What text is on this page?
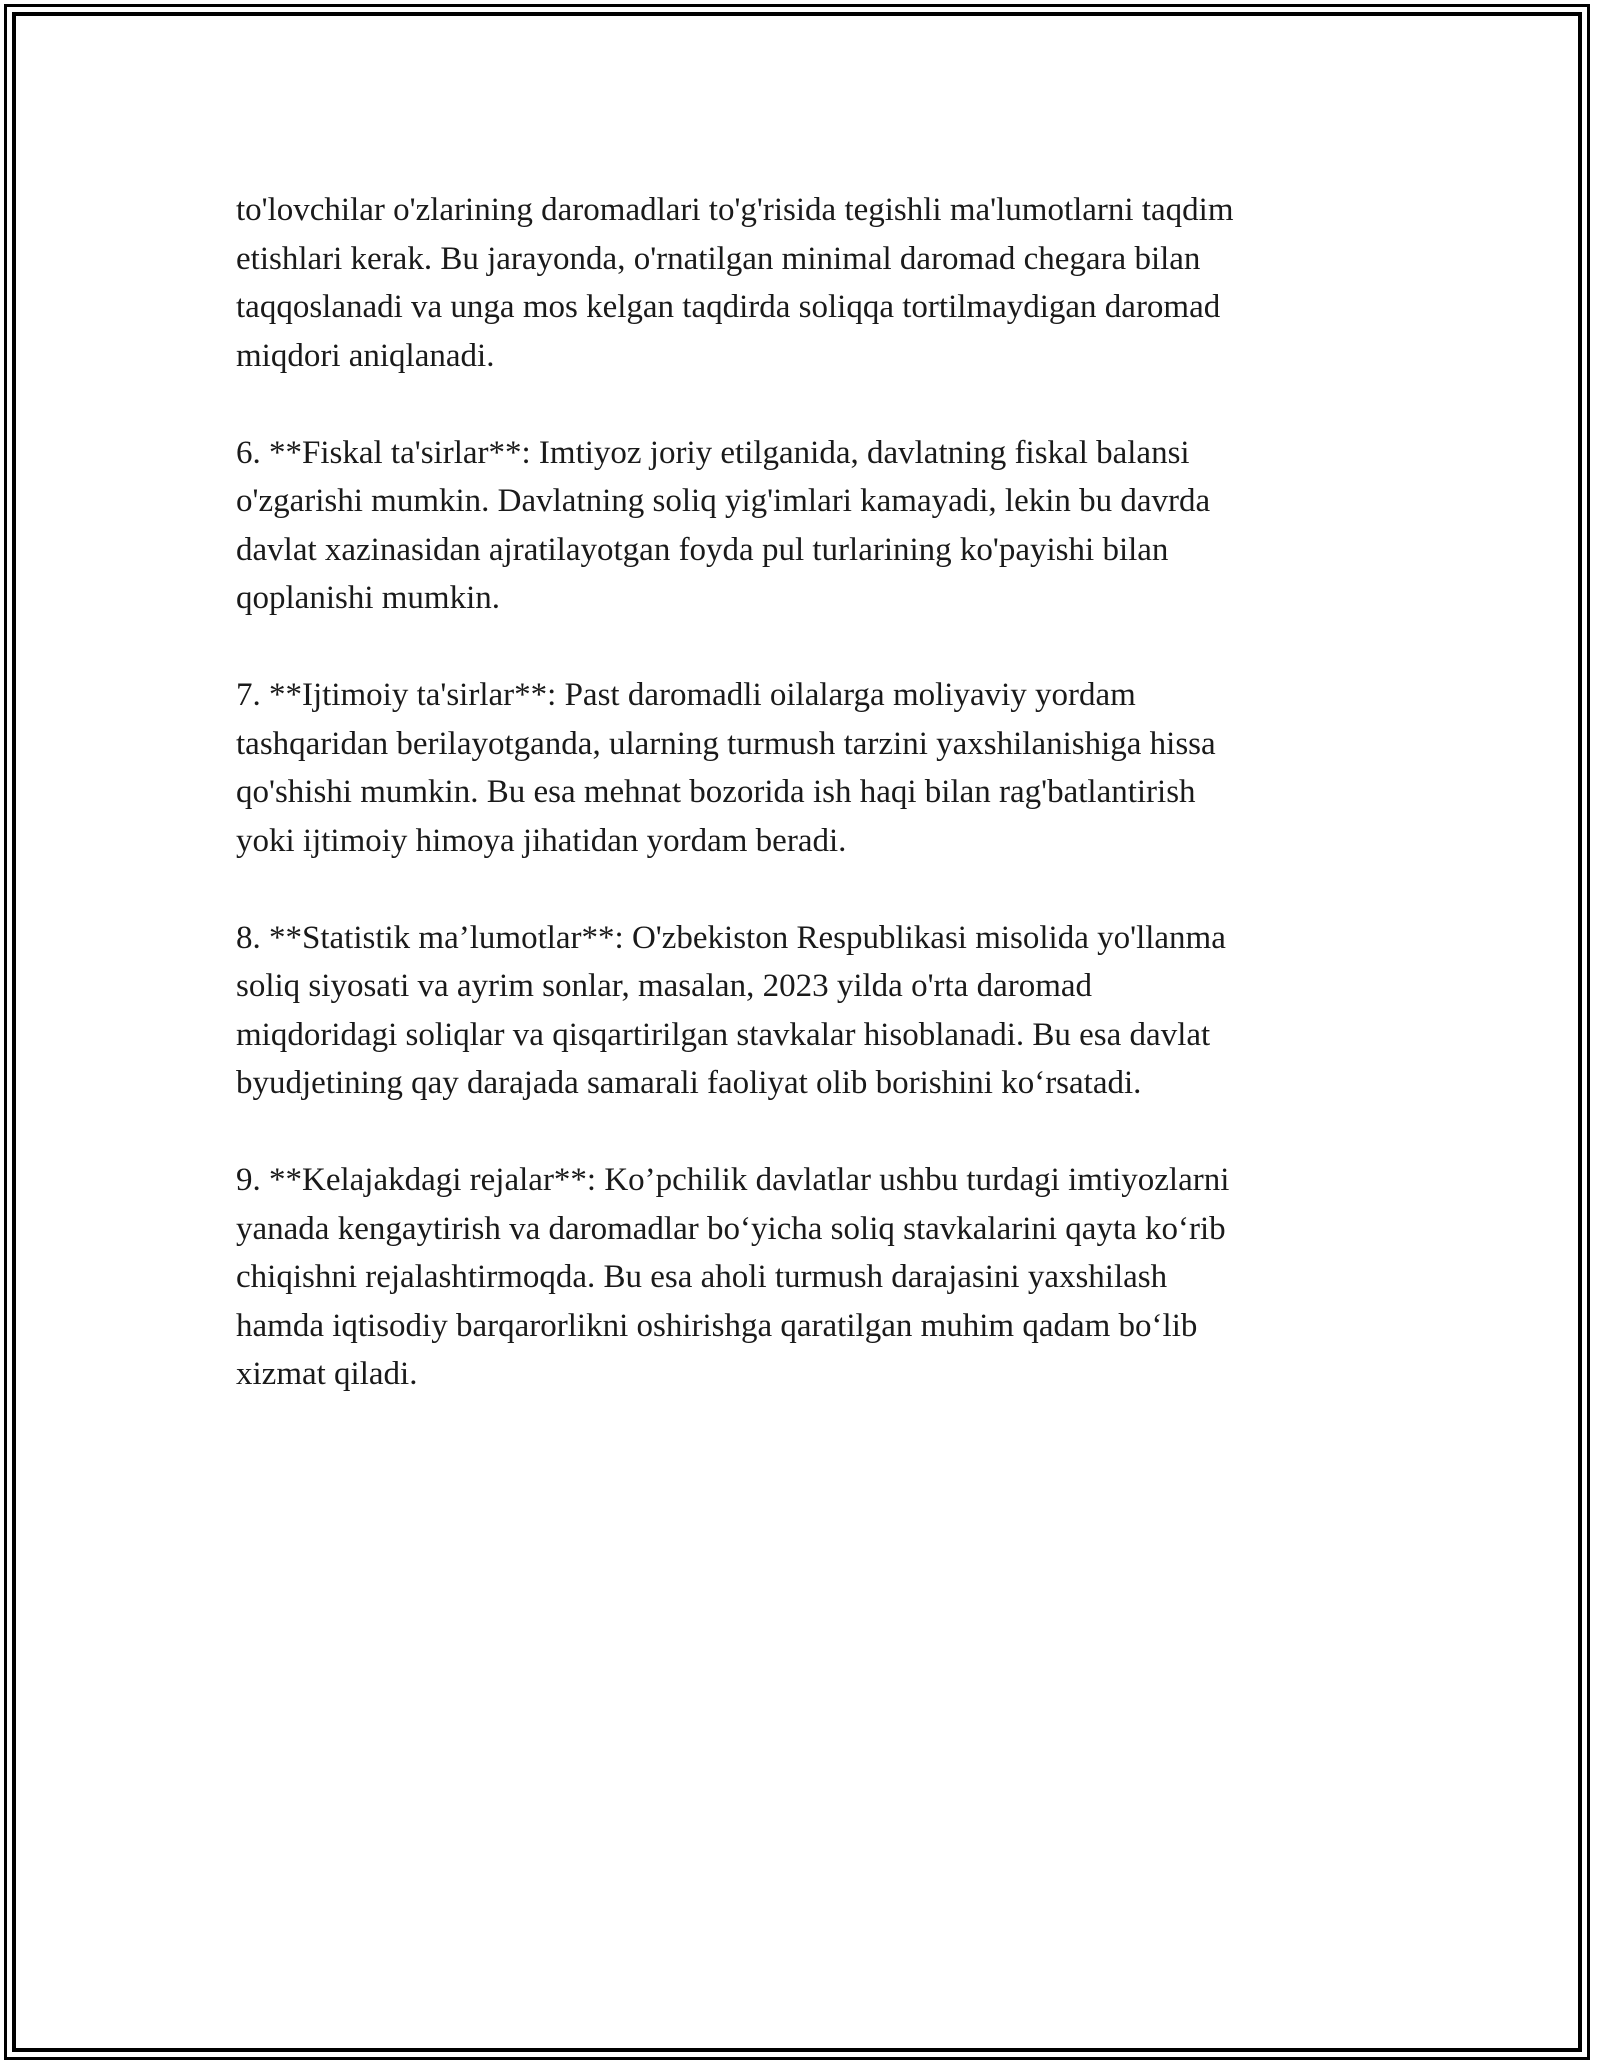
to'lovchilar o'zlarining daromadlari to'g'risida tegishli ma'lumotlarni taqdim
etishlari kerak. Bu jarayonda, o'rnatilgan minimal daromad chegara bilan
taqqoslanadi va unga mos kelgan taqdirda soliqqa tortilmaydigan daromad
miqdori aniqlanadi.

6. **Fiskal ta'sirlar**: Imtiyoz joriy etilganida, davlatning fiskal balansi
o'zgarishi mumkin. Davlatning soliq yig'imlari kamayadi, lekin bu davrda
davlat xazinasidan ajratilayotgan foyda pul turlarining ko'payishi bilan
qoplanishi mumkin.

7. **Ijtimoiy ta'sirlar**: Past daromadli oilalarga moliyaviy yordam
tashqaridan berilayotganda, ularning turmush tarzini yaxshilanishiga hissa
qo'shishi mumkin. Bu esa mehnat bozorida ish haqi bilan rag'batlantirish
yoki ijtimoiy himoya jihatidan yordam beradi.

8. **Statistik ma’lumotlar**: O'zbekiston Respublikasi misolida yo'llanma
soliq siyosati va ayrim sonlar, masalan, 2023 yilda o'rta daromad
miqdoridagi soliqlar va qisqartirilgan stavkalar hisoblanadi. Bu esa davlat
byudjetining qay darajada samarali faoliyat olib borishini ko‘rsatadi.

9. **Kelajakdagi rejalar**: Ko’pchilik davlatlar ushbu turdagi imtiyozlarni
yanada kengaytirish va daromadlar bo‘yicha soliq stavkalarini qayta ko‘rib
chiqishni rejalashtirmoqda. Bu esa aholi turmush darajasini yaxshilash
hamda iqtisodiy barqarorlikni oshirishga qaratilgan muhim qadam bo‘lib
xizmat qiladi.
